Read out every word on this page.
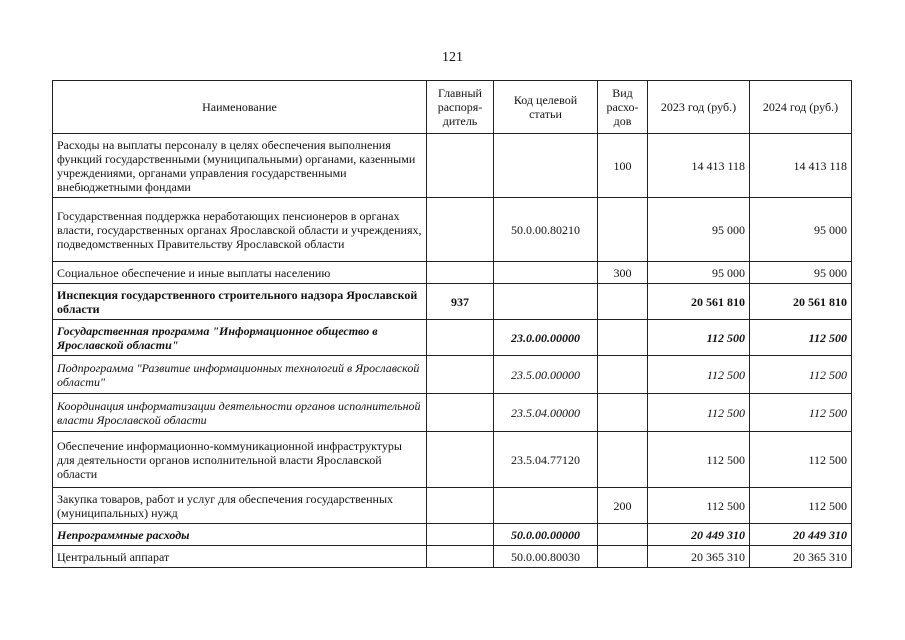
121
Наименование	Главный распоря-дитель	Код целевой статьи	Вид расхо-дов	2023 год (руб.)	2024 год (руб.)
Расходы на выплаты персоналу в целях обеспечения выполнения функций государственными (муниципальными) органами, казенными учреждениями, органами управления государственными внебюджетными фондами			100	14 413 118	14 413 118
Государственная поддержка неработающих пенсионеров в органах власти, государственных органах Ярославской области и учреждениях, подведомственных Правительству Ярославской области		50.0.00.80210		95 000	95 000
Социальное обеспечение и иные выплаты населению			300	95 000	95 000
Инспекция государственного строительного надзора Ярославской области	937			20 561 810	20 561 810
Государственная программа "Информационное общество в Ярославской области"		23.0.00.00000		112 500	112 500
Подпрограмма "Развитие информационных технологий в Ярославской области"		23.5.00.00000		112 500	112 500
Координация информатизации деятельности органов исполнительной власти Ярославской области		23.5.04.00000		112 500	112 500
Обеспечение информационно-коммуникационной инфраструктуры для деятельности органов исполнительной власти Ярославской области		23.5.04.77120		112 500	112 500
Закупка товаров, работ и услуг для обеспечения государственных (муниципальных) нужд			200	112 500	112 500
Непрограммные расходы		50.0.00.00000		20 449 310	20 449 310
Центральный аппарат		50.0.00.80030		20 365 310	20 365 310
